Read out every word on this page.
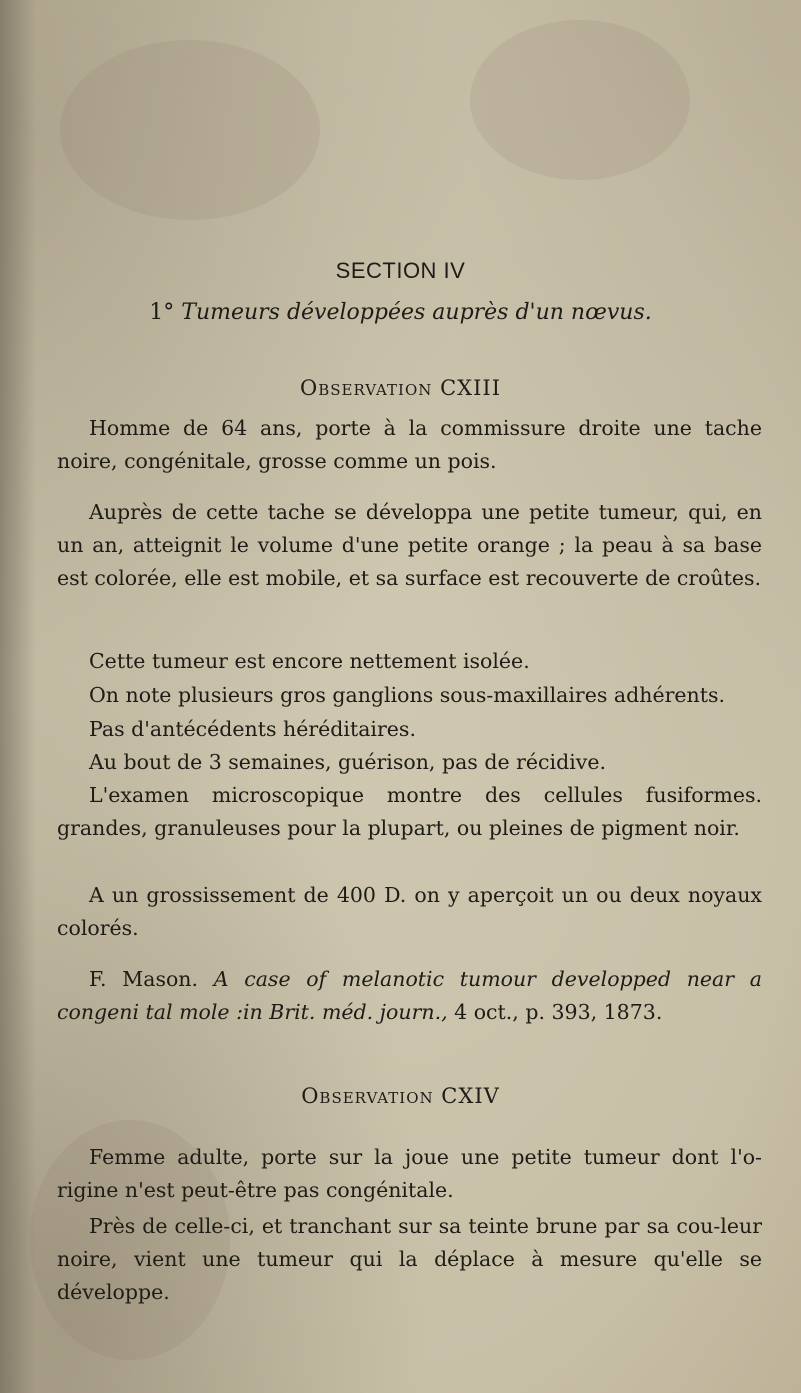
SECTION IV
1° Tumeurs développées auprès d'un nœvus.
Observation CXIII

Homme de 64 ans, porte à la commissure droite une tache noire, congénitale, grosse comme un pois.

Auprès de cette tache se développa une petite tumeur, qui, en un an, atteignit le volume d'une petite orange ; la peau à sa base est colorée, elle est mobile, et sa surface est recouverte de croûtes.

Cette tumeur est encore nettement isolée.

On note plusieurs gros ganglions sous-maxillaires adhérents.

Pas d'antécédents héréditaires.

Au bout de 3 semaines, guérison, pas de récidive.

L'examen microscopique montre des cellules fusiformes. grandes, granuleuses pour la plupart, ou pleines de pigment noir.

A un grossissement de 400 D. on y aperçoit un ou deux noyaux colorés.

F. Mason. A case of melanotic tumour developped near a congeni tal mole :in Brit. méd. journ., 4 oct., p. 393, 1873.

Observation CXIV

Femme adulte, porte sur la joue une petite tumeur dont l'o-rigine n'est peut-être pas congénitale.

Près de celle-ci, et tranchant sur sa teinte brune par sa cou-leur noire, vient une tumeur qui la déplace à mesure qu'elle se développe.
